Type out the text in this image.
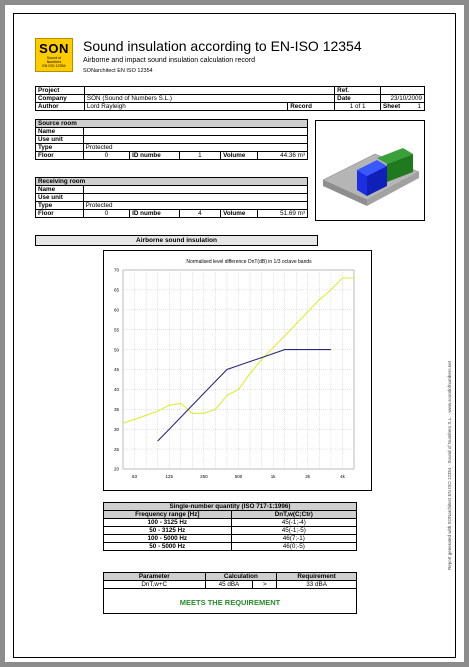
SON
Sound of
Numbers
EN ISO 12354
Sound insulation according to EN-ISO 12354
Airborne and impact sound insulation calculation record
SONarchitect EN ISO 12354
Project			Ref.	
Company	SON (Sound of Numbers S.L.)		Date	23/10/2009
Author	Lord Rayleigh	Record	1 of 1	Sheet 1
Source room					
Name					
Use unit					
Type	Protected				
Floor	0	ID numbe	1	Volume	44.36 m³
Receiving room					
Name					
Use unit					
Type	Protected				
Floor	0	ID numbe	4	Volume	51.69 m³
Airborne sound insulation
Normalised level difference DnT(dB) in 1/3 octave bands
20
25
30
35
40
45
50
55
60
65
70
63	125	250	500	1k	2k	4k
Single-number quantity (ISO 717-1:1996)	
Frequency range [Hz]	DnT,w(C;Ctr)
100 - 3125 Hz	45(-1;-4)
50 - 3125 Hz	45(-1;-5)
100 - 5000 Hz	46(7;-1)
50 - 5000 Hz	46(0;-5)
Parameter	Calculation		Requirement
DnT,w+C	45 dBA	>	33 dBA

MEETS THE REQUIREMENT
Report generated with SONarchitect EN ISO 12354 - Sound of Numbers S.L. - www.soundofnumbers.net
